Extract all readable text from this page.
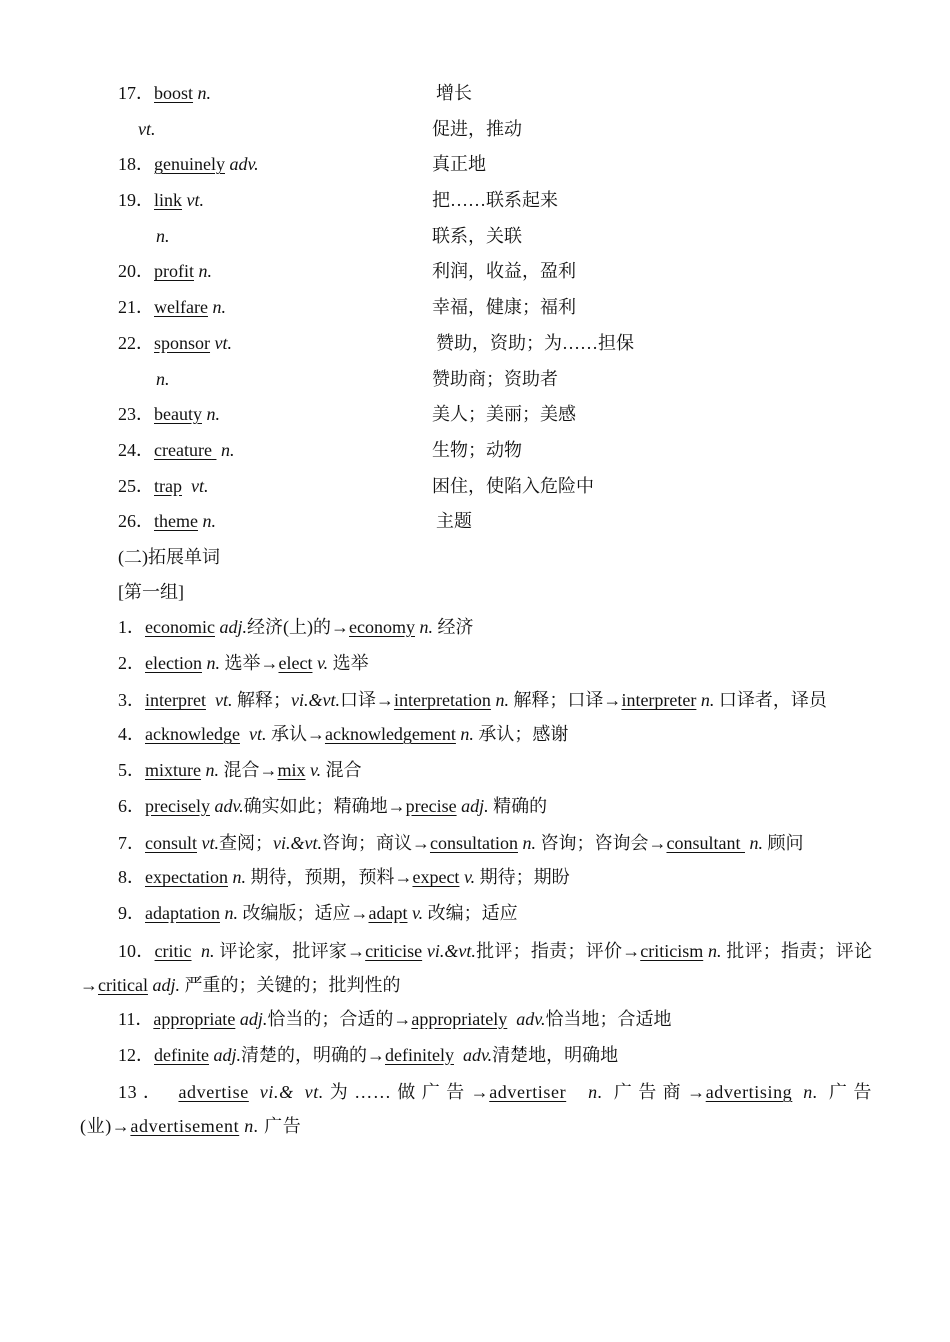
17．boost n.	增长
vt.	促进，推动
18．genuinely adv.	真正地
19．link vt.	把……联系起来
n.	联系，关联
20．profit n.	利润，收益，盈利
21．welfare n.	幸福，健康；福利
22．sponsor vt.	赞助，资助；为……担保
n.	赞助商；资助者
23．beauty n.	美人；美丽；美感
24．creature n.	生物；动物
25．trap vt.	困住，使陷入危险中
26．theme n.	主题
(二)拓展单词
[第一组]

1．economic adj.经济(上)的→economy n. 经济

2．election n. 选举→elect v. 选举

3．interpret vt. 解释；vi.&vt.口译→interpretation n. 解释；口译→interpreter n. 口译者，译员

4．acknowledge vt. 承认→acknowledgement n. 承认；感谢

5．mixture n. 混合→mix v. 混合

6．precisely adv.确实如此；精确地→precise adj. 精确的

7．consult vt.查阅；vi.&vt.咨询；商议→consultation n. 咨询；咨询会→consultant n. 顾问

8．expectation n. 期待，预期，预料→expect v. 期待；期盼

9．adaptation n. 改编版；适应→adapt v. 改编；适应

10．critic n. 评论家，批评家→criticise vi.&vt.批评；指责；评价→criticism n. 批评；指责；评论→critical adj. 严重的；关键的；批判性的

11．appropriate adj.恰当的；合适的→appropriately adv.恰当地；合适地

12．definite adj.清楚的，明确的→definitely adv.清楚地，明确地

13． advertise vi.& vt.为……做广告→advertiser n. 广告商→advertising n. 广告(业)→advertisement n. 广告
